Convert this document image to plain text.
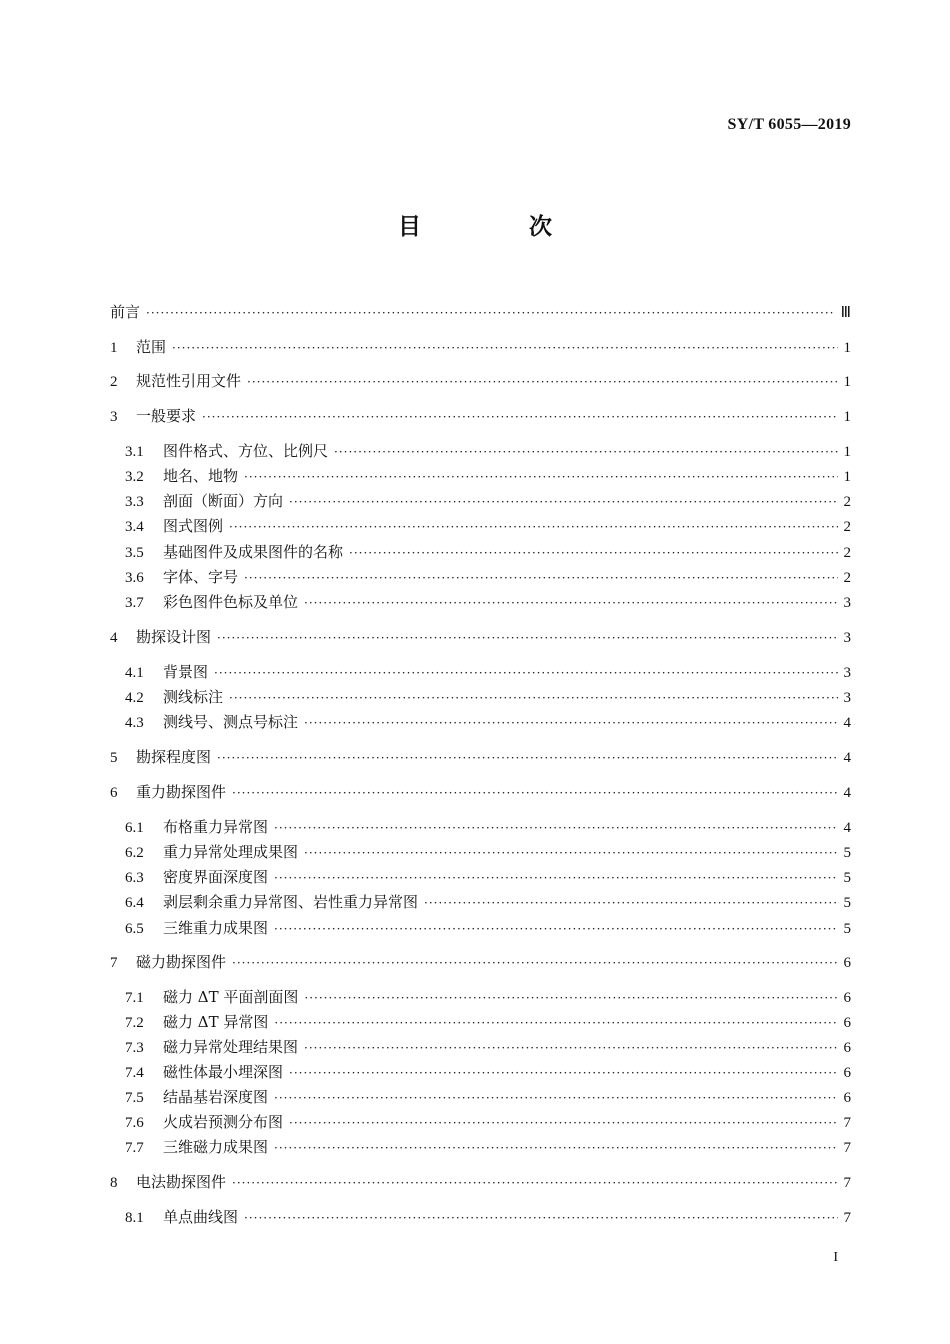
SY/T 6055—2019
目 次
前言 ·····	Ⅲ
1	范围 ·····	1
2	规范性引用文件 ·····	1
3	一般要求 ·····	1
3.1	图件格式、方位、比例尺 ·····	1
3.2	地名、地物 ·····	1
3.3	剖面（断面）方向 ·····	2
3.4	图式图例 ·····	2
3.5	基础图件及成果图件的名称 ·····	2
3.6	字体、字号 ·····	2
3.7	彩色图件色标及单位 ·····	3
4	勘探设计图 ·····	3
4.1	背景图 ·····	3
4.2	测线标注 ·····	3
4.3	测线号、测点号标注 ·····	4
5	勘探程度图 ·····	4
6	重力勘探图件 ·····	4
6.1	布格重力异常图 ·····	4
6.2	重力异常处理成果图 ·····	5
6.3	密度界面深度图 ·····	5
6.4	剥层剩余重力异常图、岩性重力异常图 ·····	5
6.5	三维重力成果图 ·····	5
7	磁力勘探图件 ·····	6
7.1	磁力 ΔT 平面剖面图 ·····	6
7.2	磁力 ΔT 异常图 ·····	6
7.3	磁力异常处理结果图 ·····	6
7.4	磁性体最小埋深图 ·····	6
7.5	结晶基岩深度图 ·····	6
7.6	火成岩预测分布图 ·····	7
7.7	三维磁力成果图 ·····	7
8	电法勘探图件 ·····	7
8.1	单点曲线图 ·····	7
I
